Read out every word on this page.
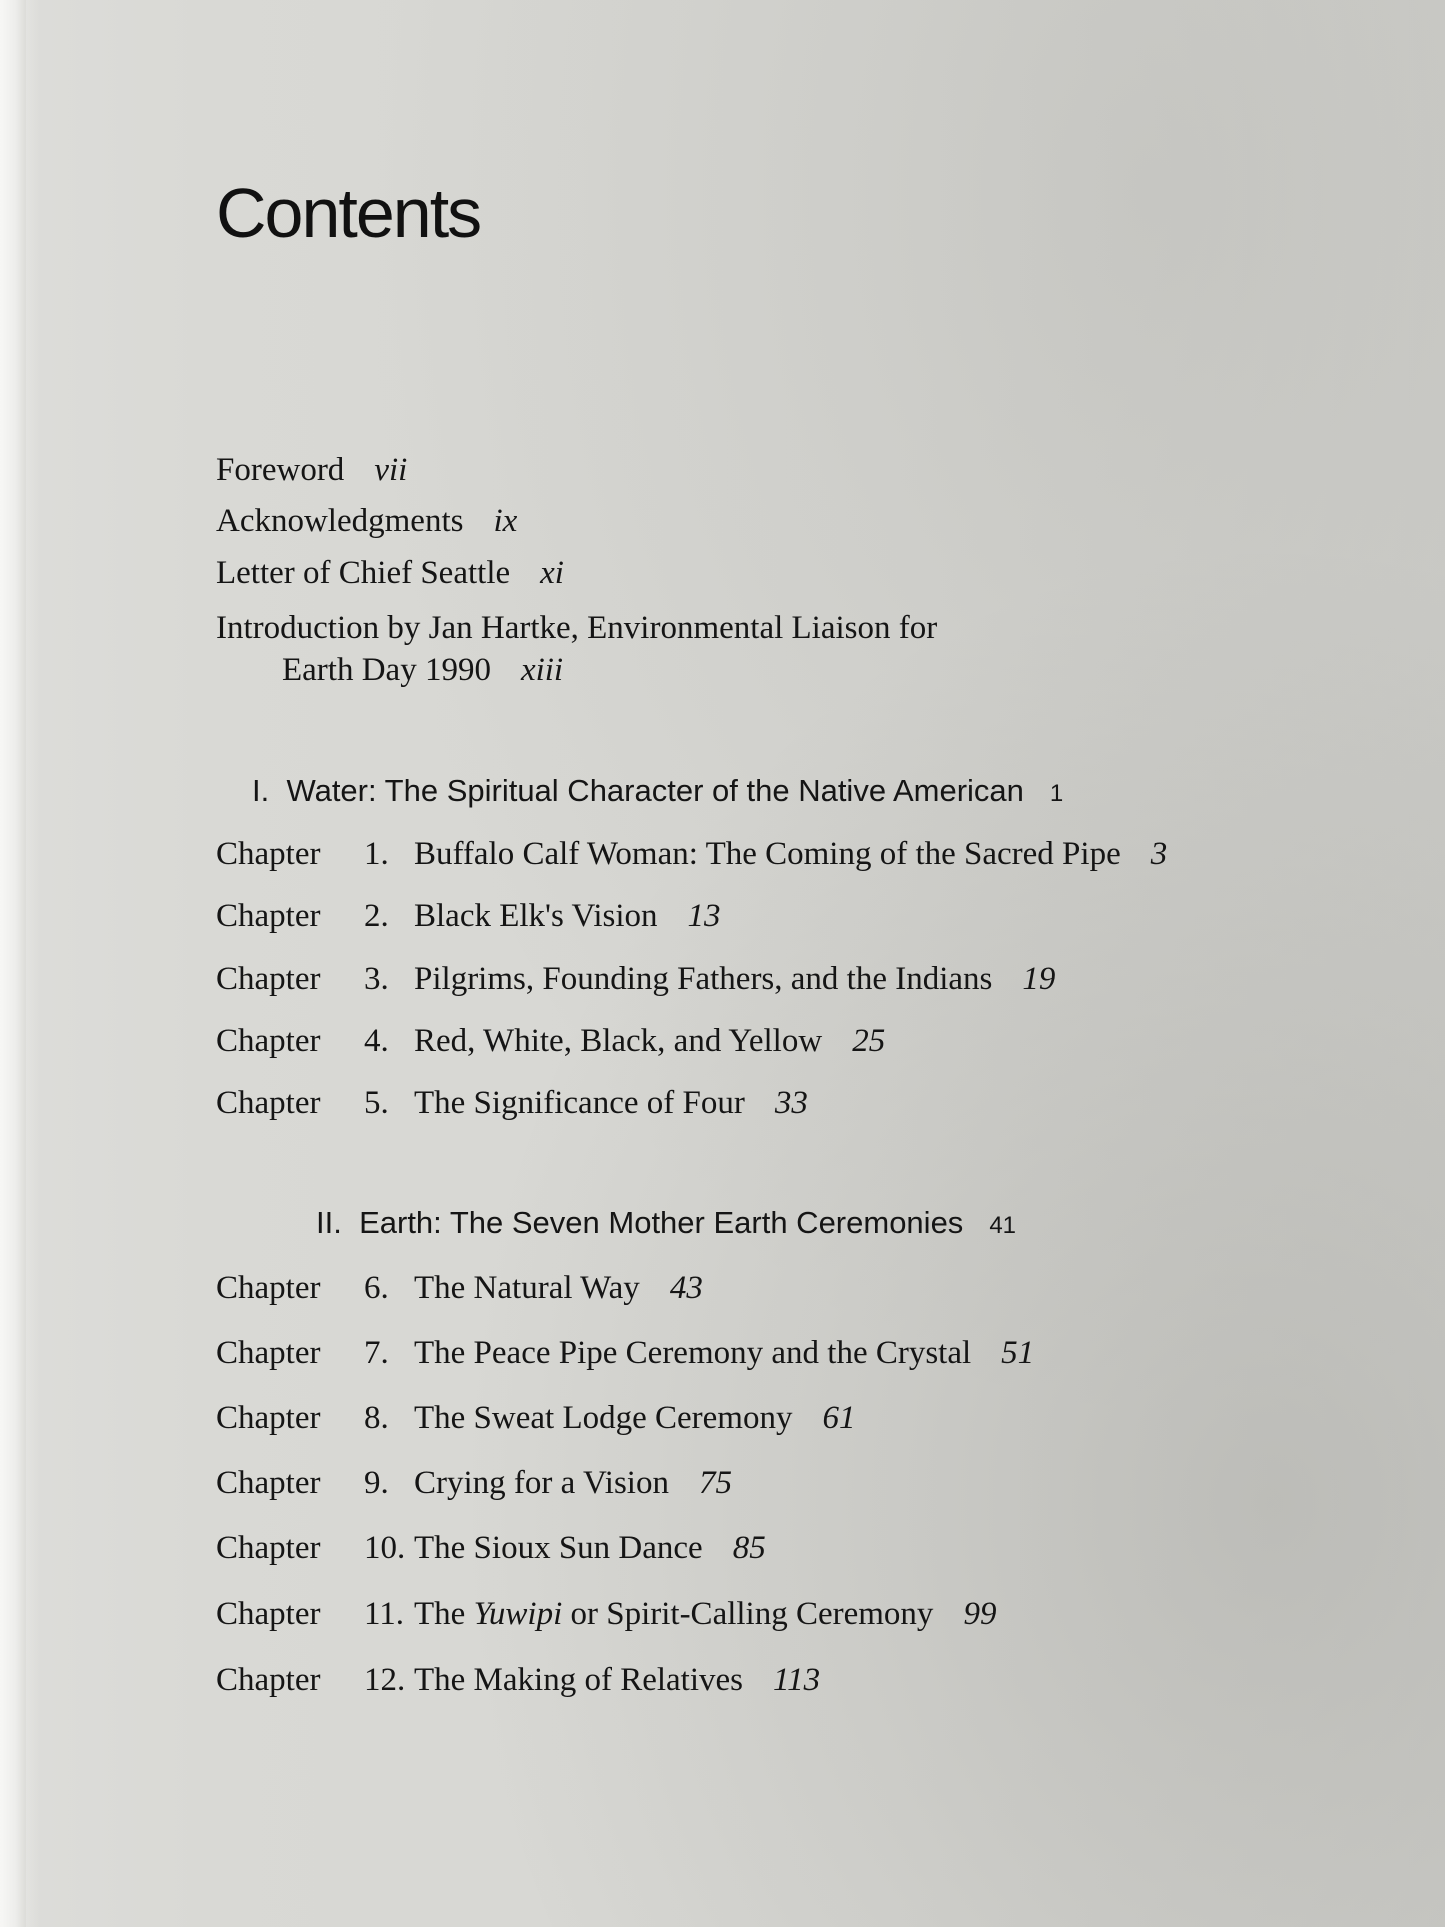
Contents
Foreword vii
Acknowledgments ix
Letter of Chief Seattle xi
Introduction by Jan Hartke, Environmental Liaison for
Earth Day 1990 xiii
I. Water: The Spiritual Character of the Native American 1
Chapter 1. Buffalo Calf Woman: The Coming of the Sacred Pipe 3
Chapter 2. Black Elk's Vision 13
Chapter 3. Pilgrims, Founding Fathers, and the Indians 19
Chapter 4. Red, White, Black, and Yellow 25
Chapter 5. The Significance of Four 33
II. Earth: The Seven Mother Earth Ceremonies 41
Chapter 6. The Natural Way 43
Chapter 7. The Peace Pipe Ceremony and the Crystal 51
Chapter 8. The Sweat Lodge Ceremony 61
Chapter 9. Crying for a Vision 75
Chapter 10. The Sioux Sun Dance 85
Chapter 11. The Yuwipi or Spirit-Calling Ceremony 99
Chapter 12. The Making of Relatives 113
